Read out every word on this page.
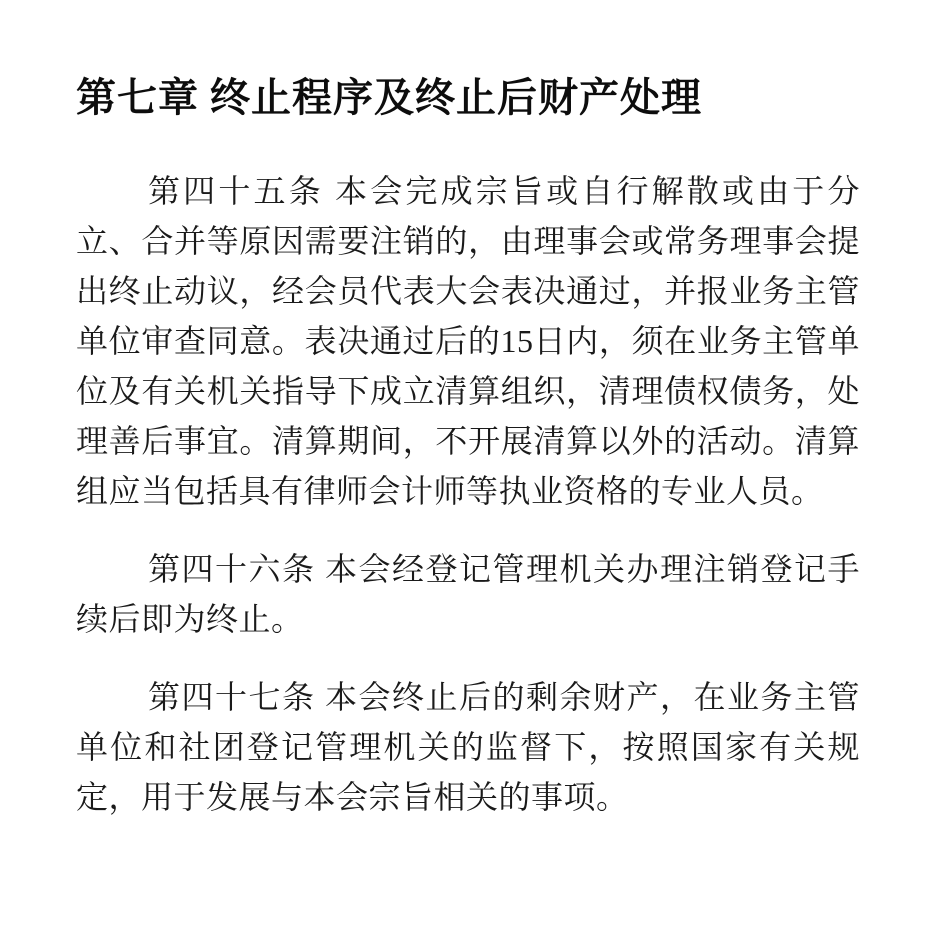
第七章 终止程序及终止后财产处理

第四十五条 本会完成宗旨或自行解散或由于分立、合并等原因需要注销的，由理事会或常务理事会提出终止动议，经会员代表大会表决通过，并报业务主管单位审查同意。表决通过后的15日内，须在业务主管单位及有关机关指导下成立清算组织，清理债权债务，处理善后事宜。清算期间，不开展清算以外的活动。清算组应当包括具有律师会计师等执业资格的专业人员。

第四十六条 本会经登记管理机关办理注销登记手续后即为终止。

第四十七条 本会终止后的剩余财产，在业务主管单位和社团登记管理机关的监督下，按照国家有关规定，用于发展与本会宗旨相关的事项。
